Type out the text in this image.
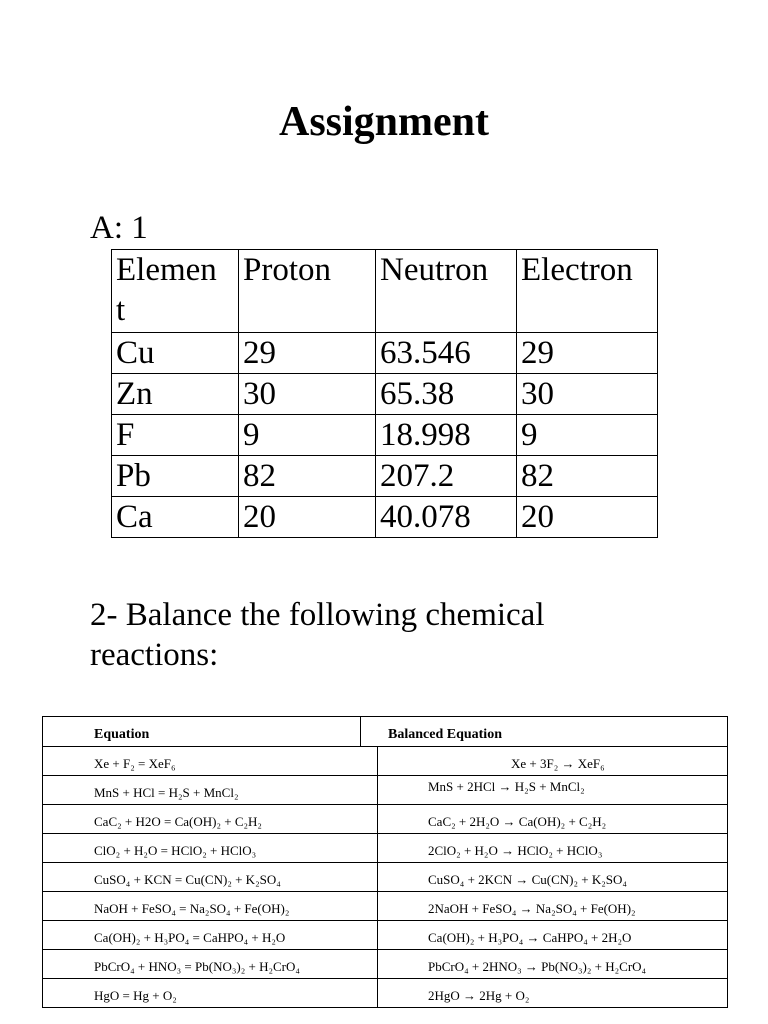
Assignment
A: 1
Elemen t	Proton	Neutron	Electron
Cu	29	63.546	29
Zn	30	65.38	30
F	9	18.998	9
Pb	82	207.2	82
Ca	20	40.078	20
2- Balance the following chemical reactions:
Equation	Balanced Equation
Xe + F₂ = XeF₆	Xe + 3F₂ → XeF₆
MnS + HCl = H₂S + MnCl₂	MnS + 2HCl → H₂S + MnCl₂
CaC₂ + H2O = Ca(OH)₂ + C₂H₂	CaC₂ + 2H₂O → Ca(OH)₂ + C₂H₂
ClO₂ + H₂O = HClO₂ + HClO₃	2ClO₂ + H₂O → HClO₂ + HClO₃
CuSO₄ + KCN = Cu(CN)₂ + K₂SO₄	CuSO₄ + 2KCN → Cu(CN)₂ + K₂SO₄
NaOH + FeSO₄ = Na₂SO₄ + Fe(OH)₂	2NaOH + FeSO₄ → Na₂SO₄ + Fe(OH)₂
Ca(OH)₂ + H₃PO₄ = CaHPO₄ + H₂O	Ca(OH)₂ + H₃PO₄ → CaHPO₄ + 2H₂O
PbCrO₄ + HNO₃ = Pb(NO₃)₂ + H₂CrO₄	PbCrO₄ + 2HNO₃ → Pb(NO₃)₂ + H₂CrO₄
HgO = Hg + O₂	2HgO → 2Hg + O₂
